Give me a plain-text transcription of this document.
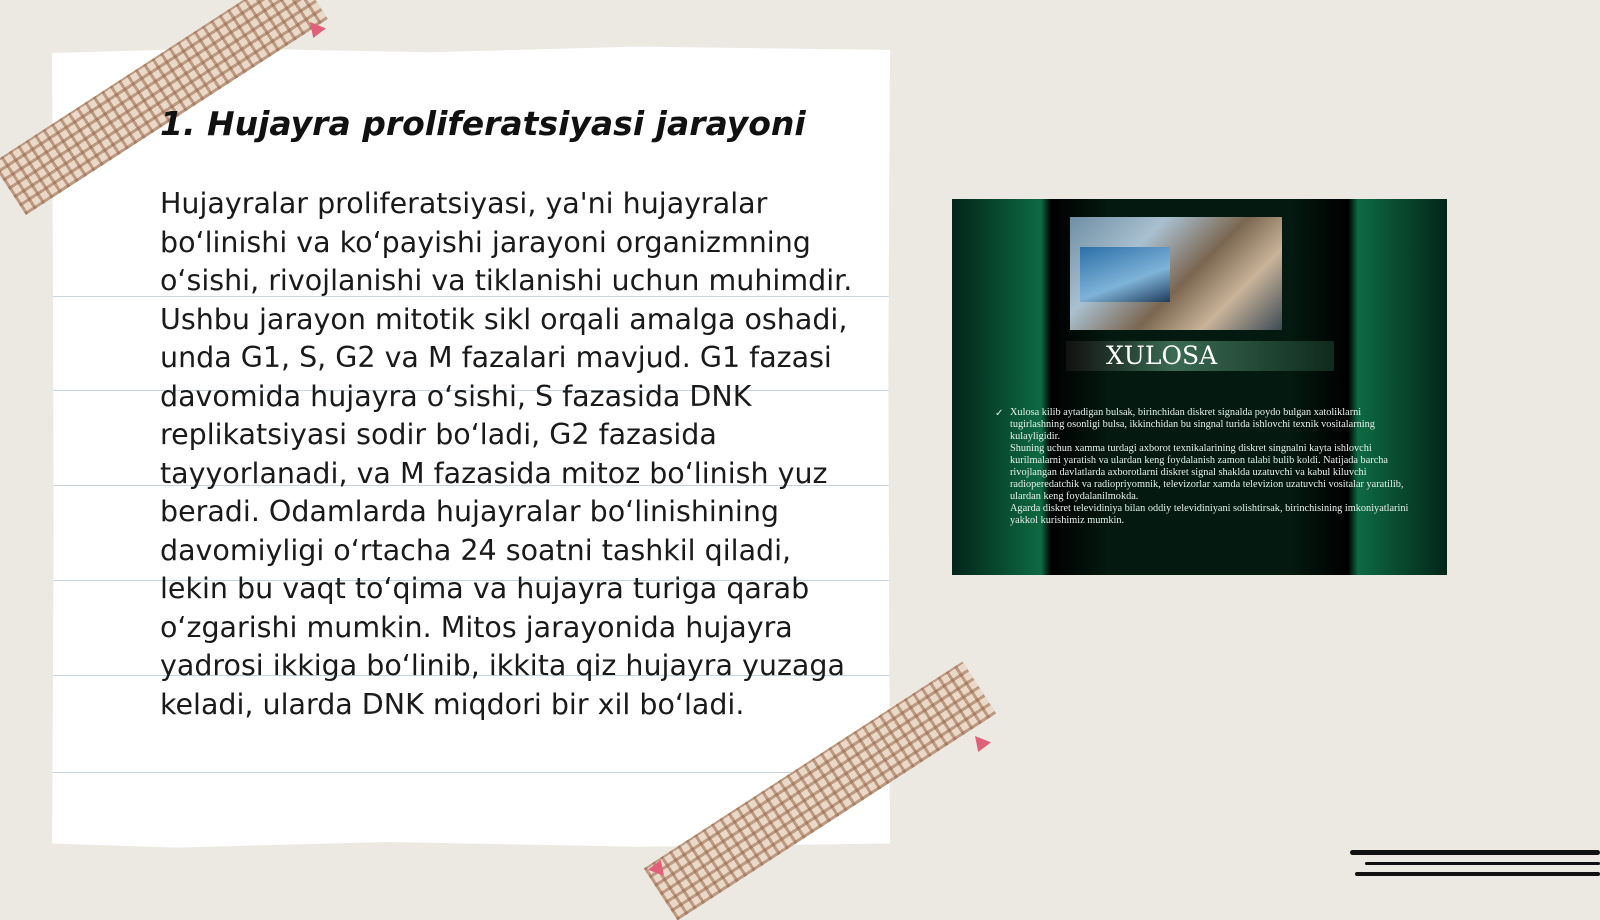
1. Hujayra proliferatsiyasi jarayoni

Hujayralar proliferatsiyasi, ya'ni hujayralar bo‘linishi va ko‘payishi jarayoni organizmning o‘sishi, rivojlanishi va tiklanishi uchun muhimdir. Ushbu jarayon mitotik sikl orqali amalga oshadi, unda G1, S, G2 va M fazalari mavjud. G1 fazasi davomida hujayra o‘sishi, S fazasida DNK replikatsiyasi sodir bo‘ladi, G2 fazasida tayyorlanadi, va M fazasida mitoz bo‘linish yuz beradi. Odamlarda hujayralar bo‘linishining davomiyligi o‘rtacha 24 soatni tashkil qiladi, lekin bu vaqt to‘qima va hujayra turiga qarab o‘zgarishi mumkin. Mitos jarayonida hujayra yadrosi ikkiga bo‘linib, ikkita qiz hujayra yuzaga keladi, ularda DNK miqdori bir xil bo‘ladi.

XULOSA
✓ Xulosa kilib aytadigan bulsak, birinchidan diskret signalda poydo bulgan xatoliklarni tugirlashning osonligi bulsa, ikkinchidan bu singnal turida ishlovchi texnik vositalarning kulayligidir.

Shuning uchun xamma turdagi axborot texnikalarining diskret singnalni kayta ishlovchi kurilmalarni yaratish va ulardan keng foydalanish zamon talabi bulib koldi. Natijada barcha rivojlangan davlatlarda axborotlarni diskret signal shaklda uzatuvchi va kabul kiluvchi radioperedatchik va radiopriyomnik, televizorlar xamda televizion uzatuvchi vositalar yaratilib, ulardan keng foydalanilmokda.

Agarda diskret televidiniya bilan oddiy televidiniyani solishtirsak, birinchisining imkoniyatlarini yakkol kurishimiz mumkin.
